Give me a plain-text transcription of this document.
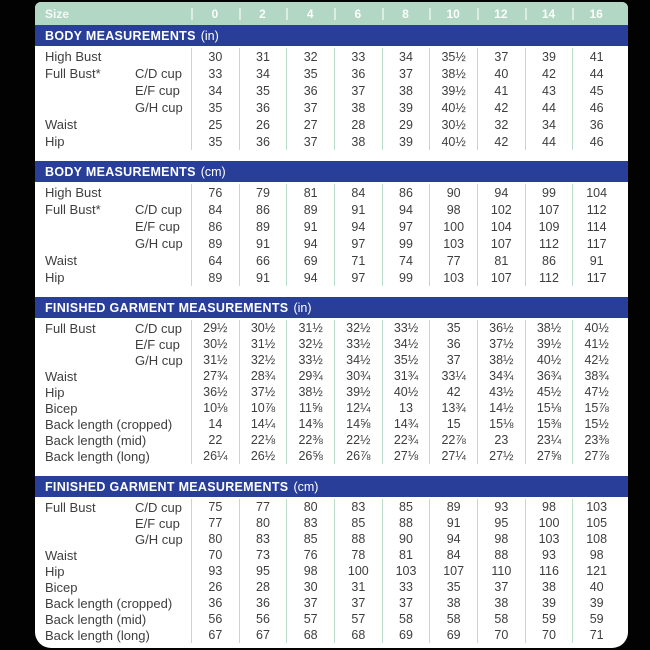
Size	0	2	4	6	8	10	12	14	16
BODY MEASUREMENTS (in)
High Bust	30	31	32	33	34	35½	37	39	41
Full Bust*	C/D cup	33	34	35	36	37	38½	40	42	44
E/F cup	34	35	36	37	38	39½	41	43	45
G/H cup	35	36	37	38	39	40½	42	44	46
Waist	25	26	27	28	29	30½	32	34	36
Hip	35	36	37	38	39	40½	42	44	46
BODY MEASUREMENTS (cm)
High Bust	76	79	81	84	86	90	94	99	104
Full Bust*	C/D cup	84	86	89	91	94	98	102	107	112
E/F cup	86	89	91	94	97	100	104	109	114
G/H cup	89	91	94	97	99	103	107	112	117
Waist	64	66	69	71	74	77	81	86	91
Hip	89	91	94	97	99	103	107	112	117
FINISHED GARMENT MEASUREMENTS (in)
Full Bust	C/D cup	29½	30½	31½	32½	33½	35	36½	38½	40½
E/F cup	30½	31½	32½	33½	34½	36	37½	39½	41½
G/H cup	31½	32½	33½	34½	35½	37	38½	40½	42½
Waist	27¾	28¾	29¾	30¾	31¾	33¼	34¾	36¾	38¾
Hip	36½	37½	38½	39½	40½	42	43½	45½	47½
Bicep	10⅛	10⅞	11⅝	12¼	13	13¾	14½	15⅛	15⅞
Back length (cropped)	14	14¼	14⅜	14⅝	14¾	15	15⅛	15⅜	15½
Back length (mid)	22	22⅛	22⅜	22½	22¾	22⅞	23	23¼	23⅜
Back length (long)	26¼	26½	26⅝	26⅞	27⅛	27¼	27½	27⅝	27⅞
FINISHED GARMENT MEASUREMENTS (cm)
Full Bust	C/D cup	75	77	80	83	85	89	93	98	103
E/F cup	77	80	83	85	88	91	95	100	105
G/H cup	80	83	85	88	90	94	98	103	108
Waist	70	73	76	78	81	84	88	93	98
Hip	93	95	98	100	103	107	110	116	121
Bicep	26	28	30	31	33	35	37	38	40
Back length (cropped)	36	36	37	37	37	38	38	39	39
Back length (mid)	56	56	57	57	58	58	58	59	59
Back length (long)	67	67	68	68	69	69	70	70	71
